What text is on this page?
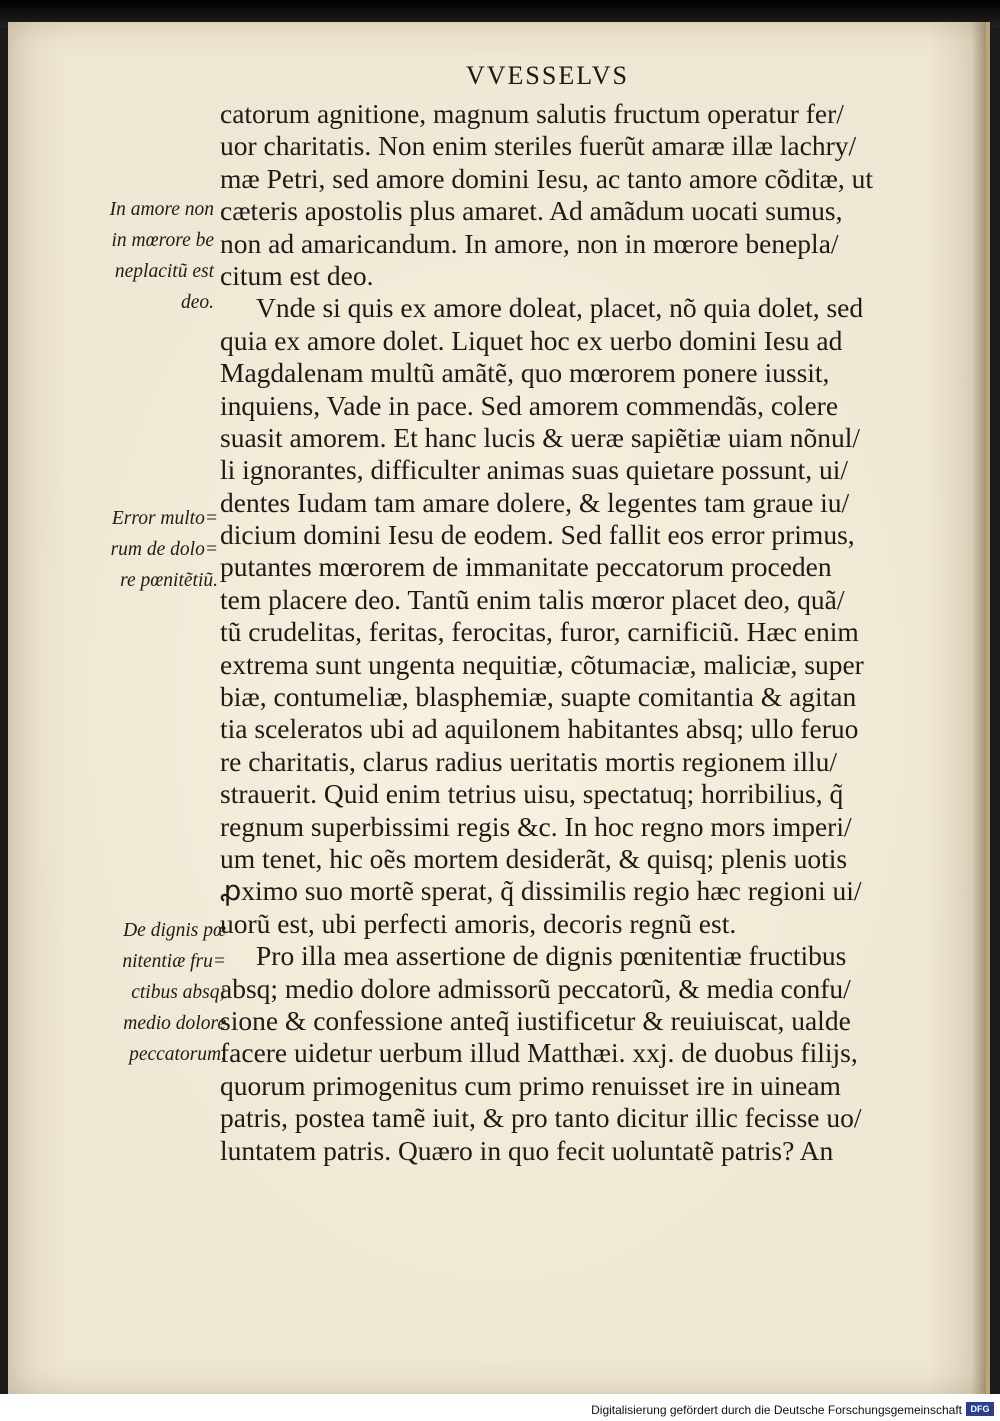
VVESSELVS
catorum agnitione, magnum salutis fructum operatur fer/
uor charitatis. Non enim steriles fuerũt amaræ illæ lachry/
mæ Petri, sed amore domini Iesu, ac tanto amore cõditæ, ut
cæteris apostolis plus amaret. Ad amãdum uocati sumus,
non ad amaricandum. In amore, non in mœrore benepla/
citum est deo.
Vnde si quis ex amore doleat, placet, nõ quia dolet, sed
quia ex amore dolet. Liquet hoc ex uerbo domini Iesu ad
Magdalenam multũ amãtẽ, quo mœrorem ponere iussit,
inquiens, Vade in pace. Sed amorem commendãs, colere
suasit amorem. Et hanc lucis & ueræ sapiẽtiæ uiam nõnul/
li ignorantes, difficulter animas suas quietare possunt, ui/
dentes Iudam tam amare dolere, & legentes tam graue iu/
dicium domini Iesu de eodem. Sed fallit eos error primus,
putantes mœrorem de immanitate peccatorum proceden
tem placere deo. Tantũ enim talis mœror placet deo, quã/
tũ crudelitas, feritas, ferocitas, furor, carnificiũ. Hæc enim
extrema sunt ungenta nequitiæ, cõtumaciæ, maliciæ, super
biæ, contumeliæ, blasphemiæ, suapte comitantia & agitan
tia sceleratos ubi ad aquilonem habitantes absq; ullo feruo
re charitatis, clarus radius ueritatis mortis regionem illu/
strauerit. Quid enim tetrius uisu, spectatuq; horribilius, q̃
regnum superbissimi regis &c. In hoc regno mors imperi/
um tenet, hic oẽs mortem desiderãt, & quisq; plenis uotis
ꝓximo suo mortẽ sperat, q̃ dissimilis regio hæc regioni ui/
uorũ est, ubi perfecti amoris, decoris regnũ est.
Pro illa mea assertione de dignis pœnitentiæ fructibus
absq; medio dolore admissorũ peccatorũ, & media confu/
sione & confessione anteq̃ iustificetur & reuiuiscat, ualde
facere uidetur uerbum illud Matthæi. xxj. de duobus filijs,
quorum primogenitus cum primo renuisset ire in uineam
patris, postea tamẽ iuit, & pro tanto dicitur illic fecisse uo/
luntatem patris. Quæro in quo fecit uoluntatẽ patris? An
In amore non
in mœrore be
neplacitũ est
deo.
Error multo=
rum de dolo=
re pœnitẽtiũ.
De dignis pœ
nitentiæ fru=
ctibus absq;
medio dolore
peccatorum.
Digitalisierung gefördert durch die Deutsche Forschungsgemeinschaft DFG
